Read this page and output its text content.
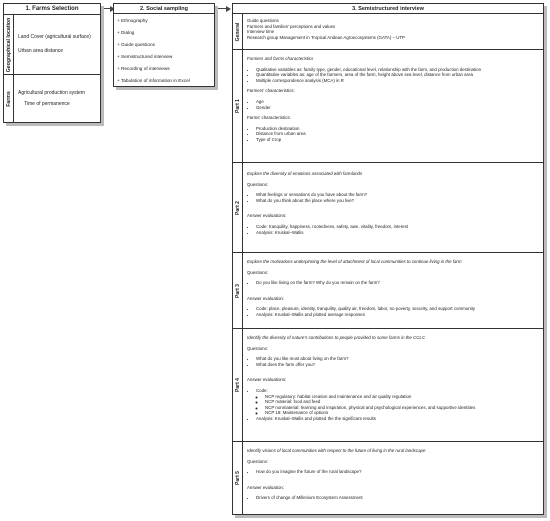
1. Farms Selection
Geographical location Land Cover (agricultural surface)
Urban area distance
Farms Agricultural production system
Time of permanence
2. Social sampling
+ Ethnography
+ Dialog
+ Guide questions
+ Semistructured interview
+ Recording of interviews
+ Tabulation of information in Excel
3. Semistructured interview
General
Guide questions
Farmers and families' perceptions and values
Interview time
Research group Management in Tropical Andean Agroecosystems (GATA) – UTP
Part 1
Farmers and farms characteristics
• Qualitative variables as: family type, gender, educational level, relationship with the farm, and production destination
• Quantitative variables as: age of the farmers, area of the farm, height above sea level, distance from urban area
• Multiple correspondence analysis (MCA) in R
Farmers' characteristics:
• Age
• Gender
Farms' characteristics:
• Production destination
• Distance from urban area
• Type of Crop
Part 2
Explore the diversity of emotions associated with farmlands
Questions:
• What feelings or sensations do you have about the farm?
• What do you think about the place where you live?
Answer evaluations:
• Code: tranquility, happiness, rootedness, safety, awe, vitality, freedom, interest
• Analysis: Kruskal–Wallis
Part 3
Explore the motivations underpinning the level of attachment of local communities to continue living in the farm
Questions:
• Do you like living on the farm? Why do you remain on the farm?
Answer evaluation:
• Code: place, pleasure, identity, tranquility, quality air, freedom, labor, no poverty, security, and support community
• Analysis: Kruskal–Wallis and plotted average responses
Part 4
Identify the diversity of nature's contributions to people provided to some farms in the CCLC
Questions:
• What do you like most about living on the farm?
• What does the farm offer you?
Answer evaluations:
• Code:
◦ NCP regulatory: habitat creation and maintenance and air quality regulation
◦ NCP material: food and feed
◦ NCP nonmaterial: learning and inspiration, physical and psychological experiences, and supportive identities
◦ NCP 18: Maintenance of options
• Analysis: Kruskal–Wallis and plotted the the significant results
Part 5
Identify visions of local communities with respect to the future of living in the rural landscape
Questions:
• How do you imagine the future of the rural landscape?
Answer evaluation:
• Drivers of change of Millenium Ecosystem Assessment
